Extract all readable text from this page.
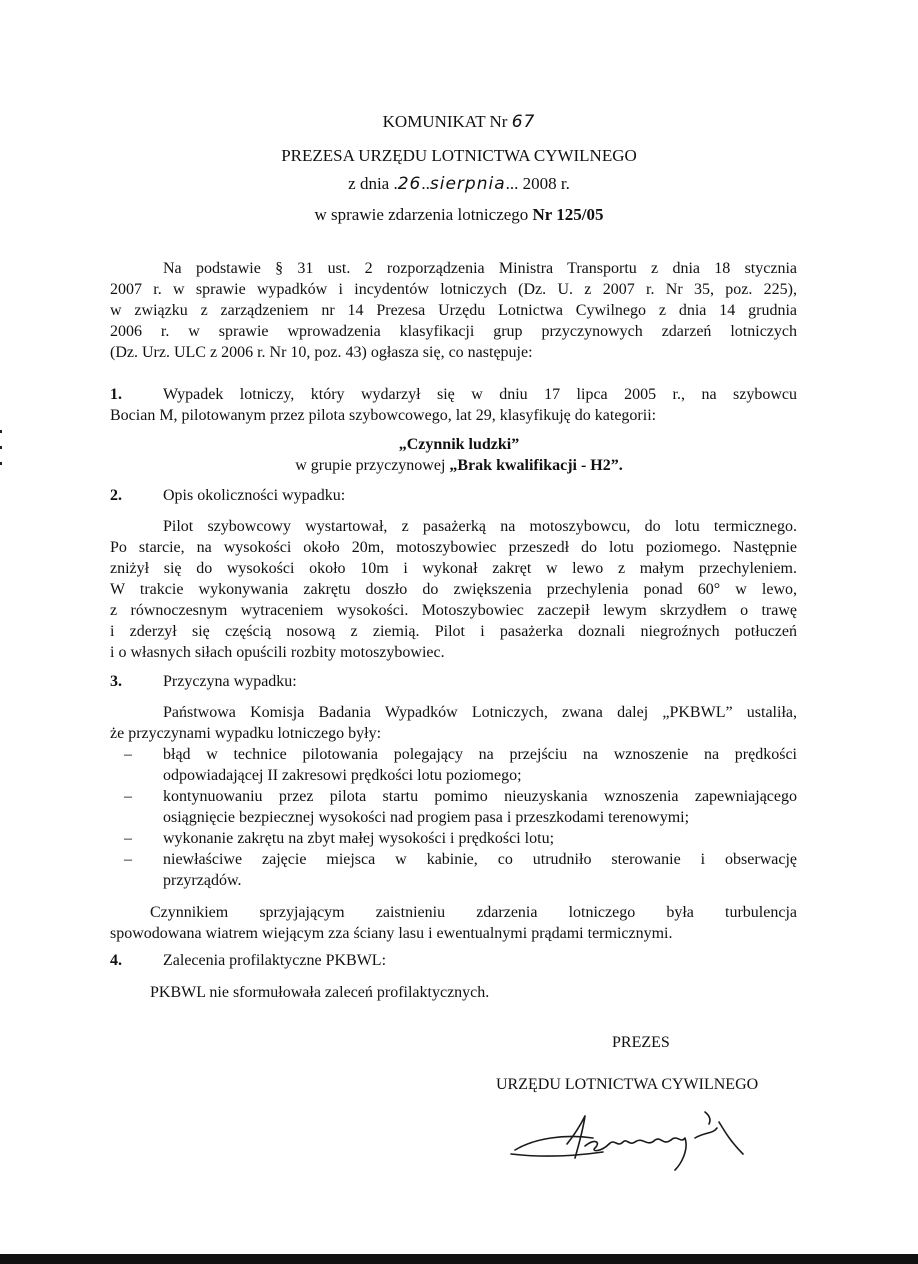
KOMUNIKAT Nr 67
PREZESA URZĘDU LOTNICTWA CYWILNEGO
z dnia .26..sierpnia... 2008 r.
w sprawie zdarzenia lotniczego Nr 125/05
Na podstawie § 31 ust. 2 rozporządzenia Ministra Transportu z dnia 18 stycznia
2007 r. w sprawie wypadków i incydentów lotniczych (Dz. U. z 2007 r. Nr 35, poz. 225),
w związku z zarządzeniem nr 14 Prezesa Urzędu Lotnictwa Cywilnego z dnia 14 grudnia
2006 r. w sprawie wprowadzenia klasyfikacji grup przyczynowych zdarzeń lotniczych
(Dz. Urz. ULC z 2006 r. Nr 10, poz. 43) ogłasza się, co następuje:
1.	Wypadek lotniczy, który wydarzył się w dniu 17 lipca 2005 r., na szybowcu
Bocian M, pilotowanym przez pilota szybowcowego, lat 29, klasyfikuję do kategorii:
„Czynnik ludzki”
w grupie przyczynowej „Brak kwalifikacji - H2”.
2.	Opis okoliczności wypadku:
Pilot szybowcowy wystartował, z pasażerką na motoszybowcu, do lotu termicznego.
Po starcie, na wysokości około 20m, motoszybowiec przeszedł do lotu poziomego. Następnie
zniżył się do wysokości około 10m i wykonał zakręt w lewo z małym przechyleniem.
W trakcie wykonywania zakrętu doszło do zwiększenia przechylenia ponad 60° w lewo,
z równoczesnym wytraceniem wysokości. Motoszybowiec zaczepił lewym skrzydłem o trawę
i zderzył się częścią nosową z ziemią. Pilot i pasażerka doznali niegroźnych potłuczeń
i o własnych siłach opuścili rozbity motoszybowiec.
3.	Przyczyna wypadku:
Państwowa Komisja Badania Wypadków Lotniczych, zwana dalej „PKBWL” ustaliła,
że przyczynami wypadku lotniczego były:
– błąd w technice pilotowania polegający na przejściu na wznoszenie na prędkości
odpowiadającej II zakresowi prędkości lotu poziomego;
– kontynuowaniu przez pilota startu pomimo nieuzyskania wznoszenia zapewniającego
osiągnięcie bezpiecznej wysokości nad progiem pasa i przeszkodami terenowymi;
– wykonanie zakrętu na zbyt małej wysokości i prędkości lotu;
– niewłaściwe zajęcie miejsca w kabinie, co utrudniło sterowanie i obserwację
przyrządów.
Czynnikiem sprzyjającym zaistnieniu zdarzenia lotniczego była turbulencja
spowodowana wiatrem wiejącym zza ściany lasu i ewentualnymi prądami termicznymi.
4.	Zalecenia profilaktyczne PKBWL:
PKBWL nie sformułowała zaleceń profilaktycznych.
PREZES
URZĘDU LOTNICTWA CYWILNEGO
